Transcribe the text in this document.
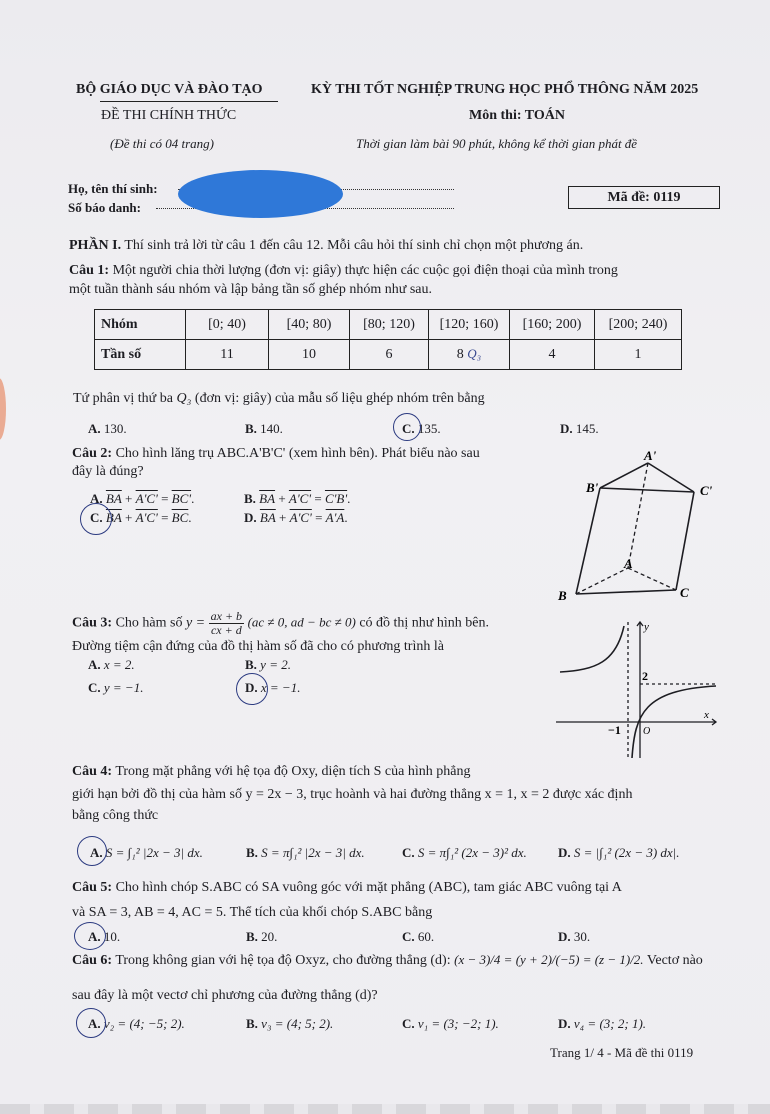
BỘ GIÁO DỤC VÀ ĐÀO TẠO	KỲ THI TỐT NGHIỆP TRUNG HỌC PHỔ THÔNG NĂM 2025
ĐỀ THI CHÍNH THỨC	Môn thi: TOÁN
(Đề thi có 04 trang)	Thời gian làm bài 90 phút, không kể thời gian phát đề
Họ, tên thí sinh:
Số báo danh:
Mã đề: 0119
PHẦN I. Thí sinh trả lời từ câu 1 đến câu 12. Mỗi câu hỏi thí sinh chỉ chọn một phương án.
Câu 1: Một người chia thời lượng (đơn vị: giây) thực hiện các cuộc gọi điện thoại của mình trong
một tuần thành sáu nhóm và lập bảng tần số ghép nhóm như sau.
Nhóm	[0; 40)	[40; 80)	[80; 120)	[120; 160)	[160; 200)	[200; 240)
Tần số	11	10	6	8 Q₃	4	1
Tứ phân vị thứ ba Q₃ (đơn vị: giây) của mẫu số liệu ghép nhóm trên bằng
A. 130.	B. 140.	C. 135.	D. 145.
Câu 2: Cho hình lăng trụ ABC.A'B'C' (xem hình bên). Phát biểu nào sau
đây là đúng?
A. $\overline{BA} + A'C' = BC'$.	B. $\overline{BA} + A'C' = C'B'$.
C. $\overline{BA} + A'C' = \overline{BC}$.	D. $\overline{BA} + A'C' = A'A$.
A'
B'	C'
A
B	C
Câu 3: Cho hàm số $y = \frac{ax + b}{cx + d} (ac \ne 0$, ad − bc ≠ 0) có đồ thị như hình bên.
Đường tiệm cận đứng của đồ thị hàm số đã cho có phương trình là
A. x = 2.	B. y = 2.
C. y = −1.	D. x = −1.
y
x
2
−1 O
Câu 4: Trong mặt phẳng với hệ tọa độ Oxy, diện tích S của hình phẳng
giới hạn bởi đồ thị của hàm số y = 2x − 3, trục hoành và hai đường thẳng x = 1, x = 2 được xác định
bằng công thức
A. S = ∫₁² |2x − 3| dx.	B. S = π∫₁² |2x − 3| dx.	C. S = π∫₁² (2x − 3)² dx. D. S = |∫₁² (2x − 3) dx|.
Câu 5: Cho hình chóp S.ABC có SA vuông góc với mặt phẳng (ABC), tam giác ABC vuông tại A
và SA = 3, AB = 4, AC = 5. Thể tích của khối chóp S.ABC bằng
A. 10.	B. 20.	C. 60.	D. 30.
Câu 6: Trong không gian với hệ tọa độ Oxyz, cho đường thẳng (d): (x − 3)/4 = (y + 2)/(−5) = (z − 1)/2. Vectơ nào
sau đây là một vectơ chỉ phương của đường thẳng (d)?
A. v₂ = (4; −5; 2).	B. v₃ = (4; 5; 2).	C. v₁ = (3; −2; 1).	D. v₄ = (3; 2; 1).
Trang 1/ 4 - Mã đề thi 0119
